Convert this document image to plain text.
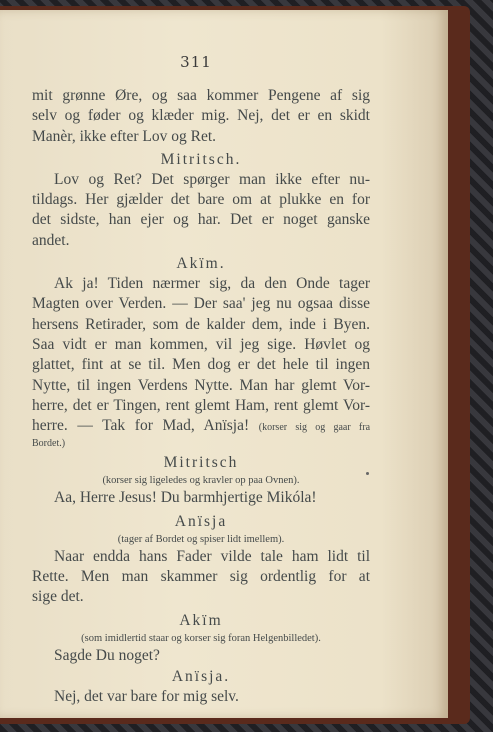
311
mit grønne Øre, og saa kommer Pengene af sig
selv og føder og klæder mig. Nej, det er en skidt
Manèr, ikke efter Lov og Ret.
Mitritsch.
Lov og Ret? Det spørger man ikke efter nu-
tildags. Her gjælder det bare om at plukke en for
det sidste, han ejer og har. Det er noget ganske
andet.
Akïm.
Ak ja! Tiden nærmer sig, da den Onde tager
Magten over Verden. — Der saa' jeg nu ogsaa disse
hersens Retirader, som de kalder dem, inde i Byen.
Saa vidt er man kommen, vil jeg sige. Høvlet og
glattet, fint at se til. Men dog er det hele til ingen
Nytte, til ingen Verdens Nytte. Man har glemt Vor-
herre, det er Tingen, rent glemt Ham, rent glemt Vor-
herre. — Tak for Mad, Anïsja! (korser sig og gaar fra
Bordet.)
Mitritsch
(korser sig ligeledes og kravler op paa Ovnen).
Aa, Herre Jesus! Du barmhjertige Mikóla!
Anïsja
(tager af Bordet og spiser lidt imellem).
Naar endda hans Fader vilde tale ham lidt til
Rette. Men man skammer sig ordentlig for at
sige det.
Akïm
(som imidlertid staar og korser sig foran Helgenbilledet).
Sagde Du noget?
Anïsja.
Nej, det var bare for mig selv.
